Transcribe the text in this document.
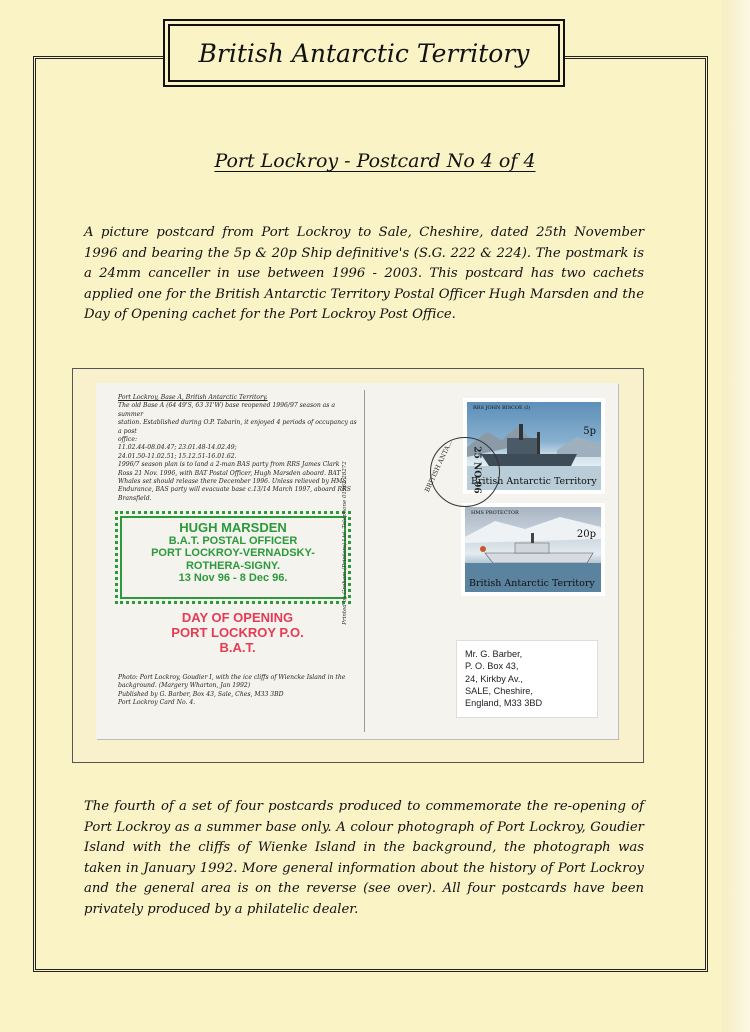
British Antarctic Territory
Port Lockroy - Postcard No 4 of 4
A picture postcard from Port Lockroy to Sale, Cheshire, dated 25th November 1996 and bearing the 5p & 20p Ship definitive's (S.G. 222 & 224). The postmark is a 24mm canceller in use between 1996 - 2003. This postcard has two cachets applied one for the British Antarctic Territory Postal Officer Hugh Marsden and the Day of Opening cachet for the Port Lockroy Post Office.
Port Lockroy, Base A, British Antarctic Territory.
The old Base A (64 49'S, 63 31'W) base reopened 1996/97 season as a summer
station. Established during O.P. Tabarin, it enjoyed 4 periods of occupancy as a post
office:
11.02.44-08.04.47; 23.01.48-14.02.49;
24.01.50-11.02.51; 15.12.51-16.01.62.
1996/7 season plan is to land a 2-man BAS party from RRS James Clark
Ross 21 Nov. 1996, with BAT Postal Officer, Hugh Marsden aboard. BAT
Whales set should release there December 1996. Unless relieved by HMS
Endurance, BAS party will evacuate base c.13/14 March 1997, aboard RRS
Bransfield.
HUGH MARSDEN
B.A.T. POSTAL OFFICER
PORT LOCKROY-VERNADSKY-
ROTHERA-SIGNY.
13 Nov 96 - 8 Dec 96.
DAY OF OPENING
PORT LOCKROY P.O.
B.A.T.
Photo: Port Lockroy, Goudier I, with the ice cliffs of Wiencke Island in the
background. (Margery Wharton, Jan 1992)
Published by G. Barber, Box 43, Sale, Ches, M33 3BD
Port Lockroy Card No. 4.
Printed by Graham (Printers) Ltd. Telephone 01962 28272
RRS JOHN BISCOE (I)
5p
British Antarctic Territory
HMS PROTECTOR
20p
British Antarctic Territory
BRITISH ANTA... 25 NO 96
Mr. G. Barber,
P. O. Box 43,
24, Kirkby Av.,
SALE, Cheshire,
England, M33 3BD
The fourth of a set of four postcards produced to commemorate the re-opening of Port Lockroy as a summer base only. A colour photograph of Port Lockroy, Goudier Island with the cliffs of Wienke Island in the background, the photograph was taken in January 1992. More general information about the history of Port Lockroy and the general area is on the reverse (see over). All four postcards have been privately produced by a philatelic dealer.
